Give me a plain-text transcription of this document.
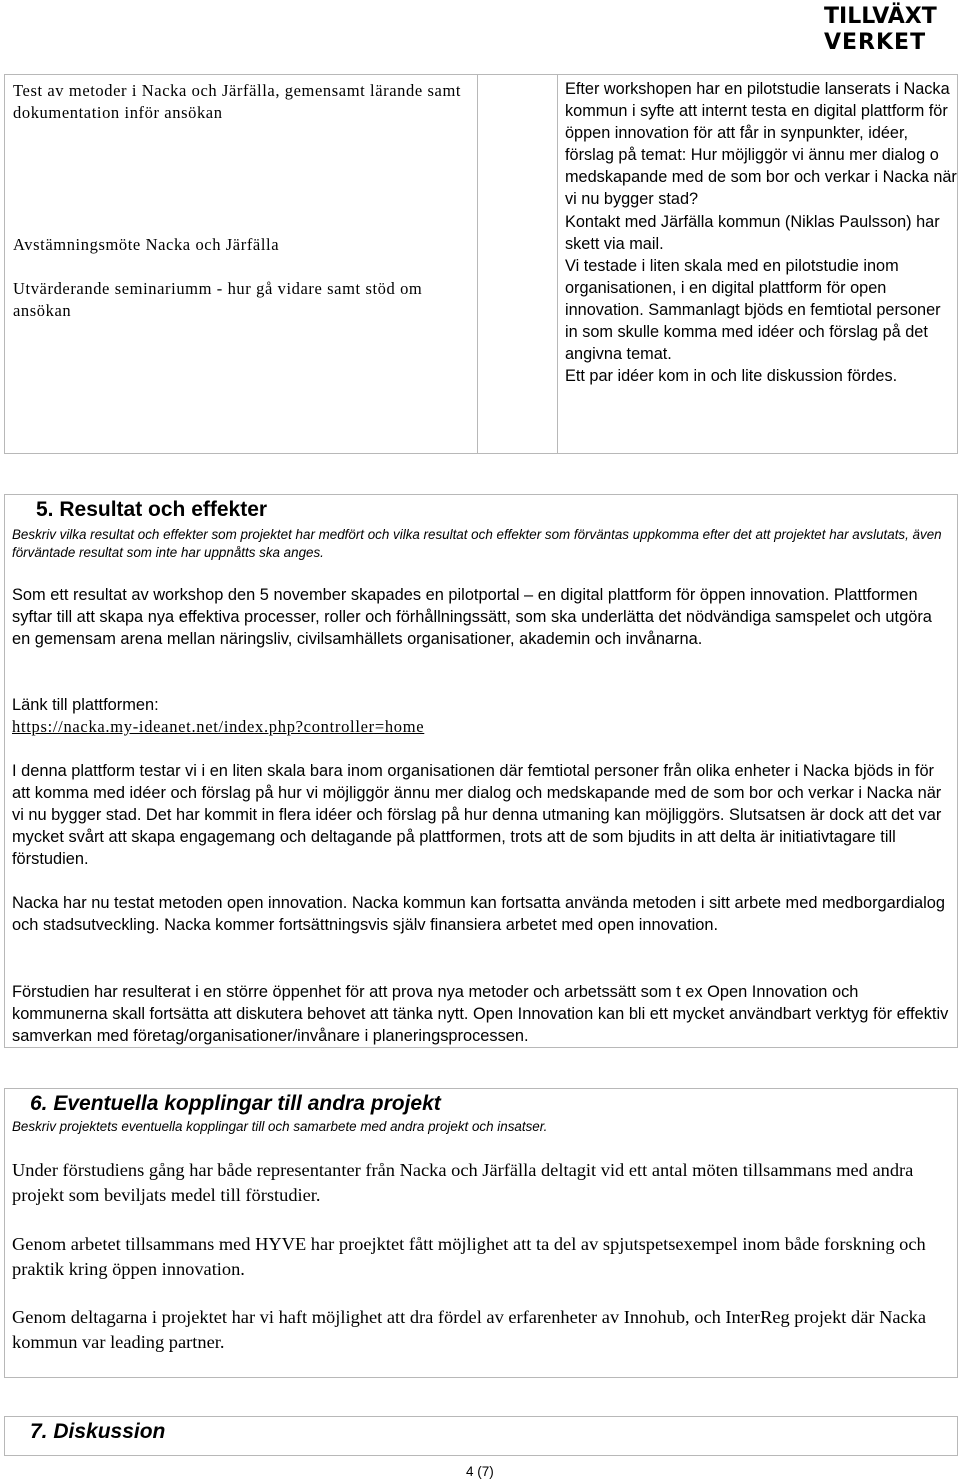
TILLVÄXT
VERKET
Test av metoder i Nacka och Järfälla, gemensamt lärande samt dokumentation inför ansökan
Avstämningsmöte Nacka och Järfälla
Utvärderande seminariumm - hur gå vidare samt stöd om ansökan

Efter workshopen har en pilotstudie lanserats i Nacka kommun i syfte att internt testa en digital plattform för öppen innovation för att får in synpunkter, idéer, förslag på temat: Hur möjliggör vi ännu mer dialog o medskapande med de som bor och verkar i Nacka när vi nu bygger stad?

Kontakt med Järfälla kommun (Niklas Paulsson) har skett via mail.

Vi testade i liten skala med en pilotstudie inom organisationen, i en digital plattform för open innovation. Sammanlagt bjöds en femtiotal personer in som skulle komma med idéer och förslag på det angivna temat.

Ett par idéer kom in och lite diskussion fördes.

5. Resultat och effekter
Beskriv vilka resultat och effekter som projektet har medfört och vilka resultat och effekter som förväntas uppkomma efter det att projektet har avslutats, även förväntade resultat som inte har uppnåtts ska anges.

Som ett resultat av workshop den 5 november skapades en pilotportal – en digital plattform för öppen innovation. Plattformen syftar till att skapa nya effektiva processer, roller och förhållningssätt, som ska underlätta det nödvändiga samspelet och utgöra en gemensam arena mellan näringsliv, civilsamhällets organisationer, akademin och invånarna.

Länk till plattformen:

https://nacka.my-ideanet.net/index.php?controller=home

I denna plattform testar vi i en liten skala bara inom organisationen där femtiotal personer från olika enheter i Nacka bjöds in för att komma med idéer och förslag på hur vi möjliggör ännu mer dialog och medskapande med de som bor och verkar i Nacka när vi nu bygger stad. Det har kommit in flera idéer och förslag på hur denna utmaning kan möjliggörs. Slutsatsen är dock att det var mycket svårt att skapa engagemang och deltagande på plattformen, trots att de som bjudits in att delta är initiativtagare till förstudien.

Nacka har nu testat metoden open innovation. Nacka kommun kan fortsatta använda metoden i sitt arbete med medborgardialog och stadsutveckling. Nacka kommer fortsättningsvis själv finansiera arbetet med open innovation.

Förstudien har resulterat i en större öppenhet för att prova nya metoder och arbetssätt som t ex Open Innovation och kommunerna skall fortsätta att diskutera behovet att tänka nytt. Open Innovation kan bli ett mycket användbart verktyg för effektiv samverkan med företag/organisationer/invånare i planeringsprocessen.

6. Eventuella kopplingar till andra projekt
Beskriv projektets eventuella kopplingar till och samarbete med andra projekt och insatser.

Under förstudiens gång har både representanter från Nacka och Järfälla deltagit vid ett antal möten tillsammans med andra projekt som beviljats medel till förstudier.

Genom arbetet tillsammans med HYVE har proejktet fått möjlighet att ta del av spjutspetsexempel inom både forskning och praktik kring öppen innovation.

Genom deltagarna i projektet har vi haft möjlighet att dra fördel av erfarenheter av Innohub, och InterReg projekt där Nacka kommun var leading partner.

7. Diskussion
4 (7)
